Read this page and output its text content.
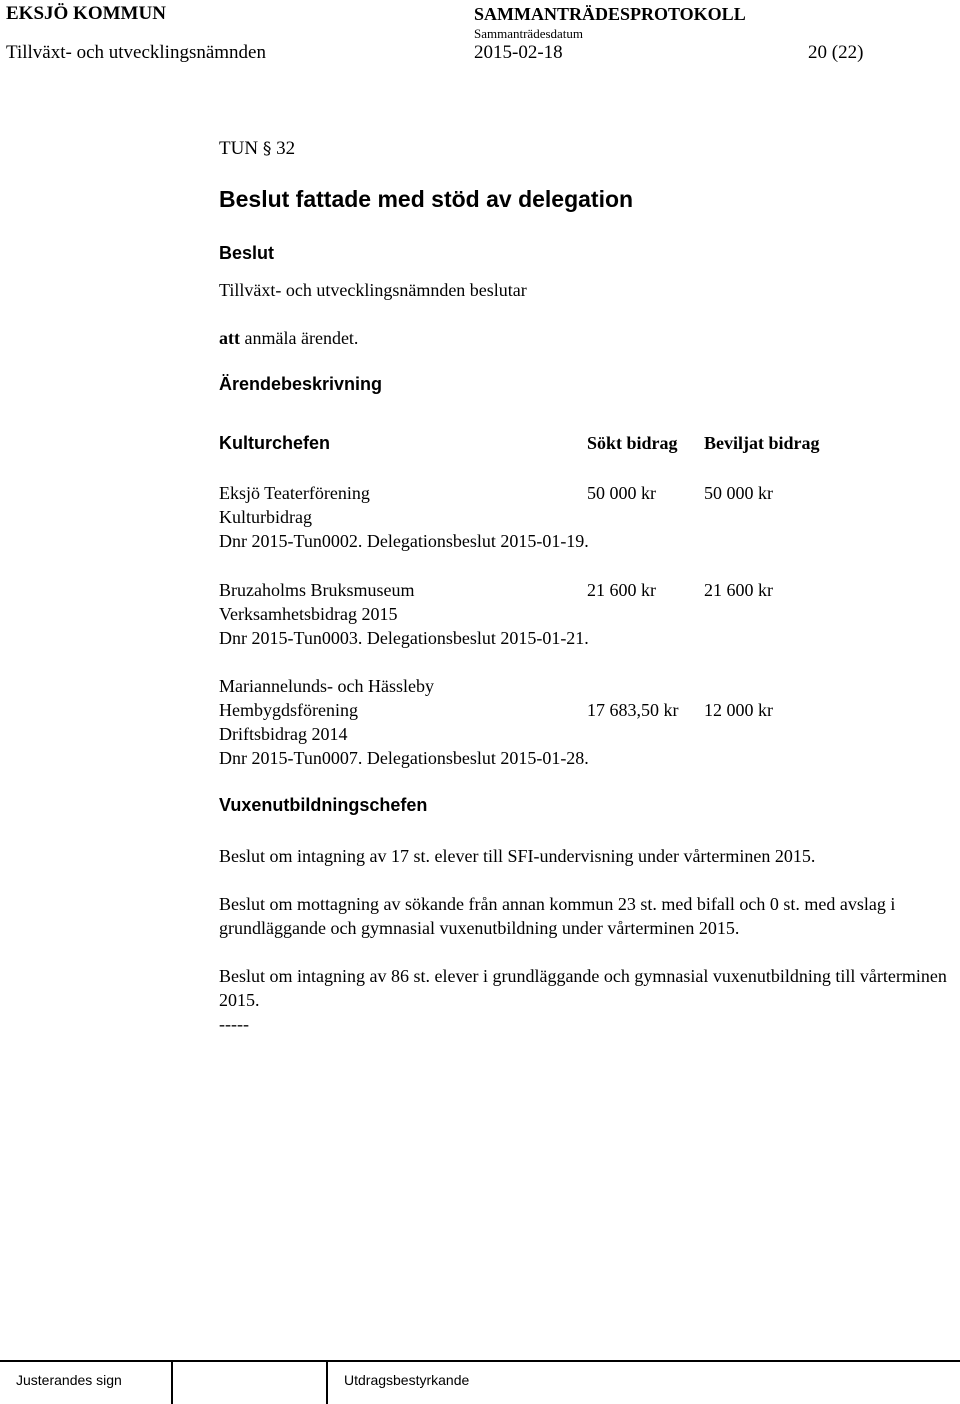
EKSJÖ KOMMUN	SAMMANTRÄDESPROTOKOLL
Sammanträdesdatum
Tillväxt- och utvecklingsnämnden	2015-02-18	20 (22)
TUN § 32
Beslut fattade med stöd av delegation
Beslut
Tillväxt- och utvecklingsnämnden beslutar
att anmäla ärendet.
Ärendebeskrivning
Kulturchefen	Sökt bidrag Beviljat bidrag
Eksjö Teaterförening	50 000 kr	50 000 kr
Kulturbidrag
Dnr 2015-Tun0002. Delegationsbeslut 2015-01-19.
Bruzaholms Bruksmuseum	21 600 kr	21 600 kr
Verksamhetsbidrag 2015
Dnr 2015-Tun0003. Delegationsbeslut 2015-01-21.
Mariannelunds- och Hässleby
Hembygdsförening	17 683,50 kr 12 000 kr
Driftsbidrag 2014
Dnr 2015-Tun0007. Delegationsbeslut 2015-01-28.
Vuxenutbildningschefen
Beslut om intagning av 17 st. elever till SFI-undervisning under vårterminen 2015.
Beslut om mottagning av sökande från annan kommun 23 st. med bifall och 0 st. med avslag i grundläggande och gymnasial vuxenutbildning under vårterminen 2015.
Beslut om intagning av 86 st. elever i grundläggande och gymnasial vuxenutbildning till vårterminen 2015.
-----
Justerandes sign	Utdragsbestyrkande
